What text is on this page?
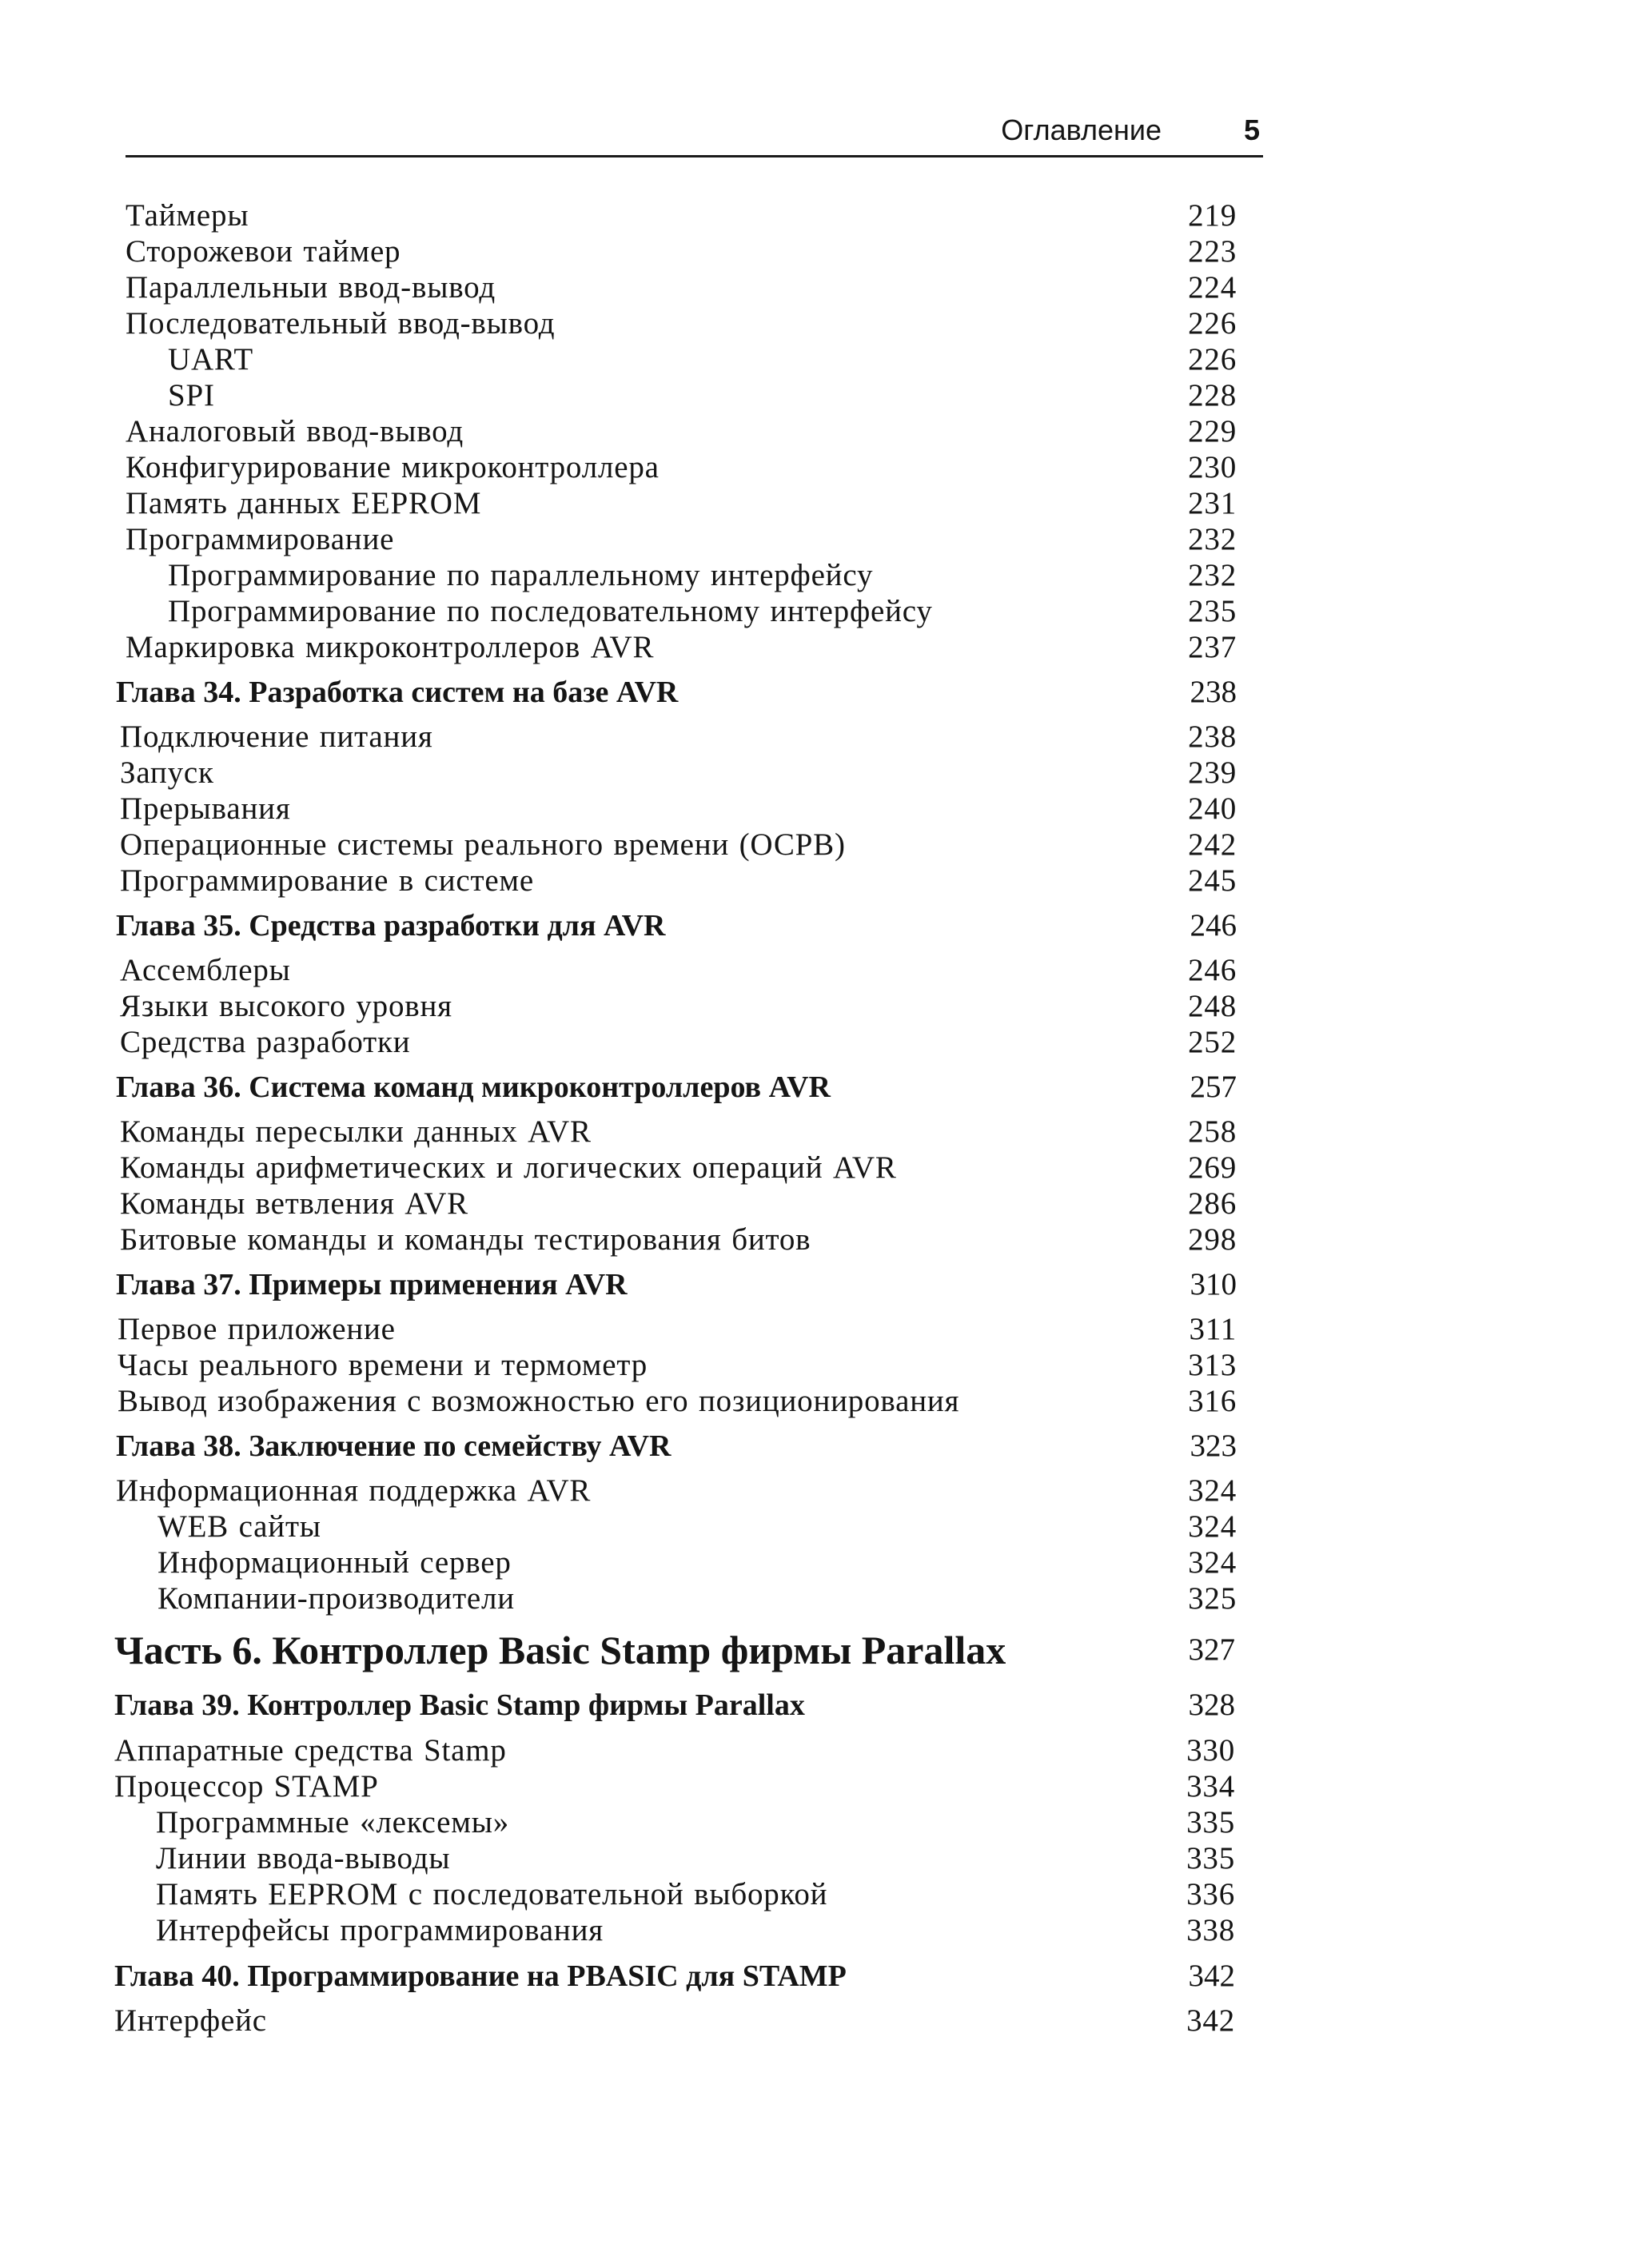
Оглавление	5
Таймеры	219
Сторожевои таймер	223
Параллельныи ввод-вывод	224
Последовательный ввод-вывод	226
UART	226
SPI	228
Аналоговый ввод-вывод	229
Конфигурирование микроконтроллера	230
Память данных EEPROM	231
Программирование	232
Программирование по параллельному интерфейсу	232
Программирование по последовательному интерфейсу	235
Маркировка микроконтроллеров AVR	237
Глава 34. Разработка систем на базе AVR	238
Подключение питания	238
Запуск	239
Прерывания	240
Операционные системы реального времени (ОСРВ)	242
Программирование в системе	245
Глава 35. Средства разработки для AVR	246
Ассемблеры	246
Языки высокого уровня	248
Средства разработки	252
Глава 36. Система команд микроконтроллеров AVR	257
Команды пересылки данных AVR	258
Команды арифметических и логических операций AVR	269
Команды ветвления AVR	286
Битовые команды и команды тестирования битов	298
Глава 37. Примеры применения AVR	310
Первое приложение	311
Часы реального времени и термометр	313
Вывод изображения с возможностью его позиционирования	316
Глава 38. Заключение по семейству AVR	323
Информационная поддержка AVR	324
WEB сайты	324
Информационный сервер	324
Компании-производители	325
Часть 6. Контроллер Basic Stamp фирмы Parallax	327
Глава 39. Контроллер Basic Stamp фирмы Parallax	328
Аппаратные средства Stamp	330
Процессор STAMP	334
Программные «лексемы»	335
Линии ввода-выводы	335
Память EEPROM с последовательной выборкой	336
Интерфейсы программирования	338
Глава 40. Программирование на PBASIC для STAMP	342
Интерфейс	342
